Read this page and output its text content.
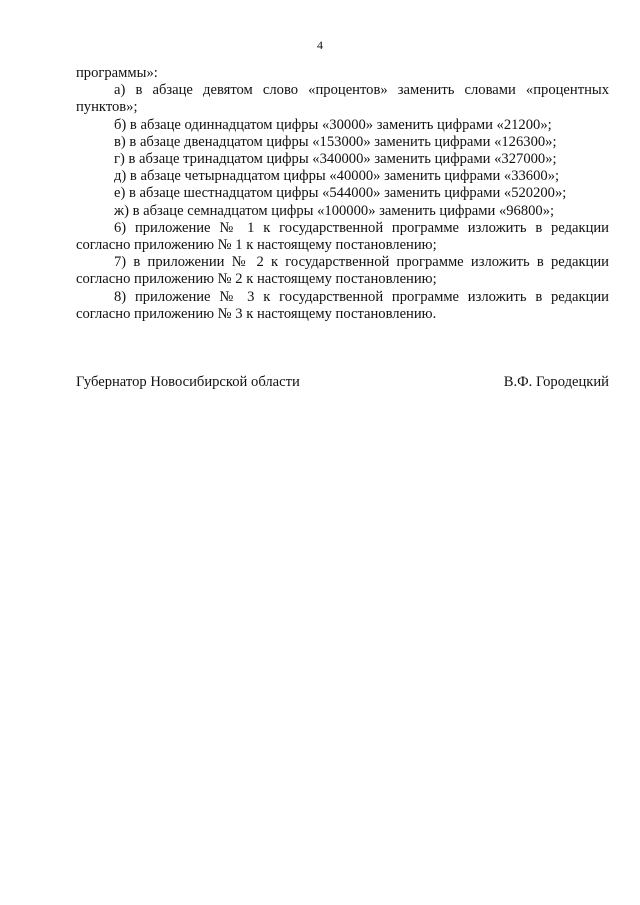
4

программы»:

а) в абзаце девятом слово «процентов» заменить словами «процентных пунктов»;

б) в абзаце одиннадцатом цифры «30000» заменить цифрами «21200»;

в) в абзаце двенадцатом цифры «153000» заменить цифрами «126300»;

г) в абзаце тринадцатом цифры «340000» заменить цифрами «327000»;

д) в абзаце четырнадцатом цифры «40000» заменить цифрами «33600»;

е) в абзаце шестнадцатом цифры «544000» заменить цифрами «520200»;

ж) в абзаце семнадцатом цифры «100000» заменить цифрами «96800»;

6) приложение № 1 к государственной программе изложить в редакции согласно приложению № 1 к настоящему постановлению;

7) в приложении № 2 к государственной программе изложить в редакции согласно приложению № 2 к настоящему постановлению;

8) приложение № 3 к государственной программе изложить в редакции согласно приложению № 3 к настоящему постановлению.

Губернатор Новосибирской области	В.Ф. Городецкий
